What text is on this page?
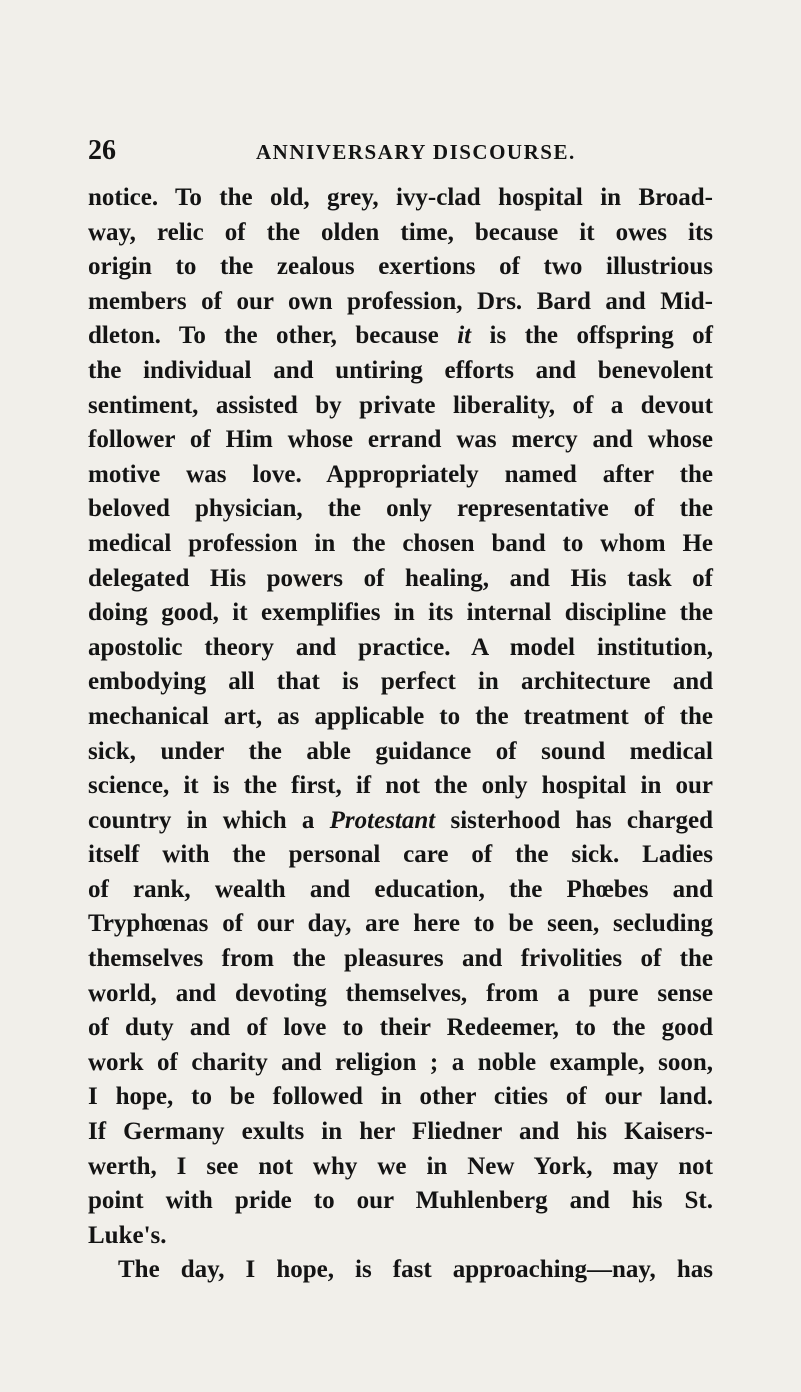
26	ANNIVERSARY DISCOURSE.
notice. To the old, grey, ivy-clad hospital in Broad-
way, relic of the olden time, because it owes its
origin to the zealous exertions of two illustrious
members of our own profession, Drs. Bard and Mid-
dleton. To the other, because it is the offspring of
the individual and untiring efforts and benevolent
sentiment, assisted by private liberality, of a devout
follower of Him whose errand was mercy and whose
motive was love. Appropriately named after the
beloved physician, the only representative of the
medical profession in the chosen band to whom He
delegated His powers of healing, and His task of
doing good, it exemplifies in its internal discipline the
apostolic theory and practice. A model institution,
embodying all that is perfect in architecture and
mechanical art, as applicable to the treatment of the
sick, under the able guidance of sound medical
science, it is the first, if not the only hospital in our
country in which a Protestant sisterhood has charged
itself with the personal care of the sick. Ladies
of rank, wealth and education, the Phœbes and
Tryphœnas of our day, are here to be seen, secluding
themselves from the pleasures and frivolities of the
world, and devoting themselves, from a pure sense
of duty and of love to their Redeemer, to the good
work of charity and religion ; a noble example, soon,
I hope, to be followed in other cities of our land.
If Germany exults in her Fliedner and his Kaisers-
werth, I see not why we in New York, may not
point with pride to our Muhlenberg and his St.
Luke's.
The day, I hope, is fast approaching—nay, has
